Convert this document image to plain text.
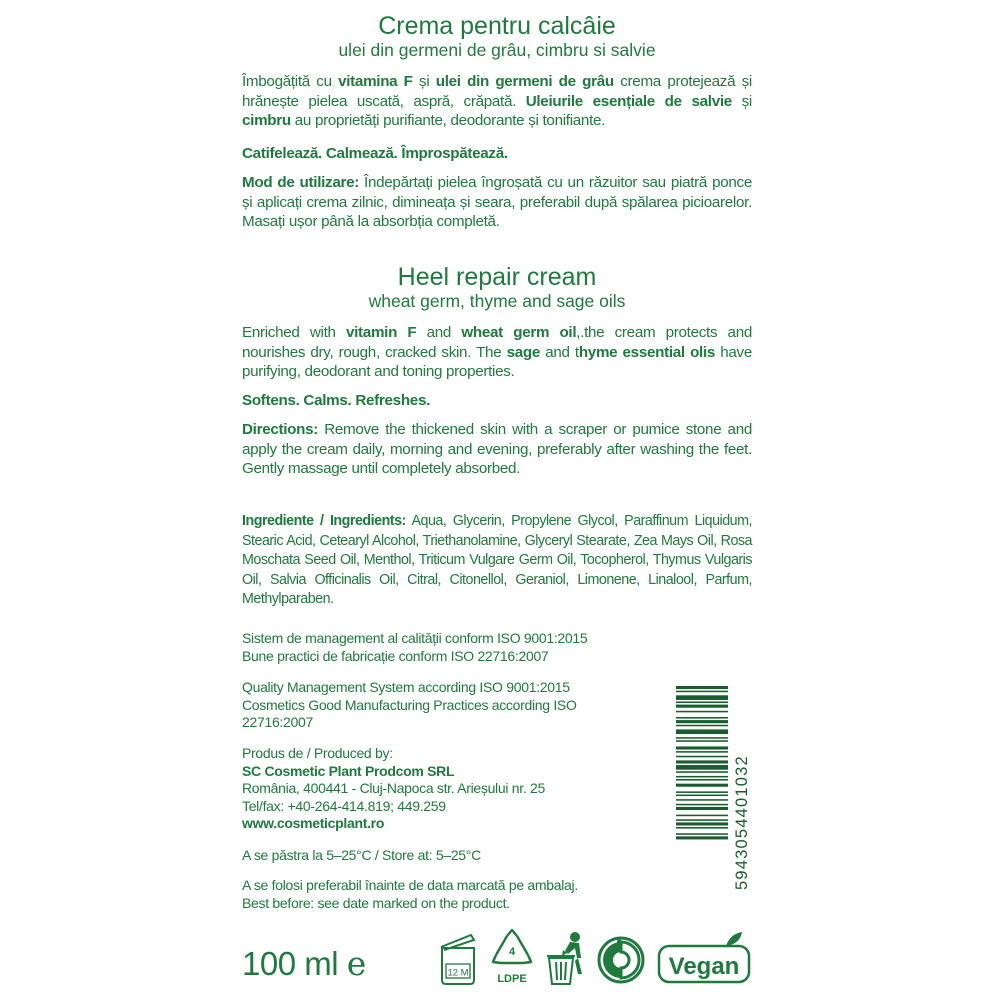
Crema pentru calcâie

ulei din germeni de grâu, cimbru si salvie

Îmbogățită cu vitamina F și ulei din germeni de grâu crema protejează și hrănește pielea uscată, aspră, crăpată. Uleiurile esențiale de salvie și cimbru au proprietăți purifiante, deodorante și tonifiante.

Catifelează. Calmează. Împrospătează.

Mod de utilizare: Îndepărtați pielea îngroșată cu un răzuitor sau piatră ponce și aplicați crema zilnic, dimineața și seara, preferabil după spălarea picioarelor. Masați ușor până la absorbția completă.

Heel repair cream

wheat germ, thyme and sage oils

Enriched with vitamin F and wheat germ oil,.the cream protects and nourishes dry, rough, cracked skin. The sage and thyme essential olis have purifying, deodorant and toning properties.

Softens. Calms. Refreshes.

Directions: Remove the thickened skin with a scraper or pumice stone and apply the cream daily, morning and evening, preferably after washing the feet. Gently massage until completely absorbed.

Ingrediente / Ingredients: Aqua, Glycerin, Propylene Glycol, Paraffinum Liquidum, Stearic Acid, Cetearyl Alcohol, Triethanolamine, Glyceryl Stearate, Zea Mays Oil, Rosa Moschata Seed Oil, Menthol, Triticum Vulgare Germ Oil, Tocopherol, Thymus Vulgaris Oil, Salvia Officinalis Oil, Citral, Citonellol, Geraniol, Limonene, Linalool, Parfum, Methylparaben.

Sistem de management al calității conform ISO 9001:2015

Bune practici de fabricație conform ISO 22716:2007

Quality Management System according ISO 9001:2015

Cosmetics Good Manufacturing Practices according ISO

22716:2007

Produs de / Produced by:

SC Cosmetic Plant Prodcom SRL

România, 400441 - Cluj-Napoca str. Arieșului nr. 25

Tel/fax: +40-264-414.819; 449.259

www.cosmeticplant.ro

A se păstra la 5–25°C / Store at: 5–25°C

A se folosi preferabil înainte de data marcată pe ambalaj.

Best before: see date marked on the product.

5943054401032
100 ml e	12 M
4
LDPE	Vegan
